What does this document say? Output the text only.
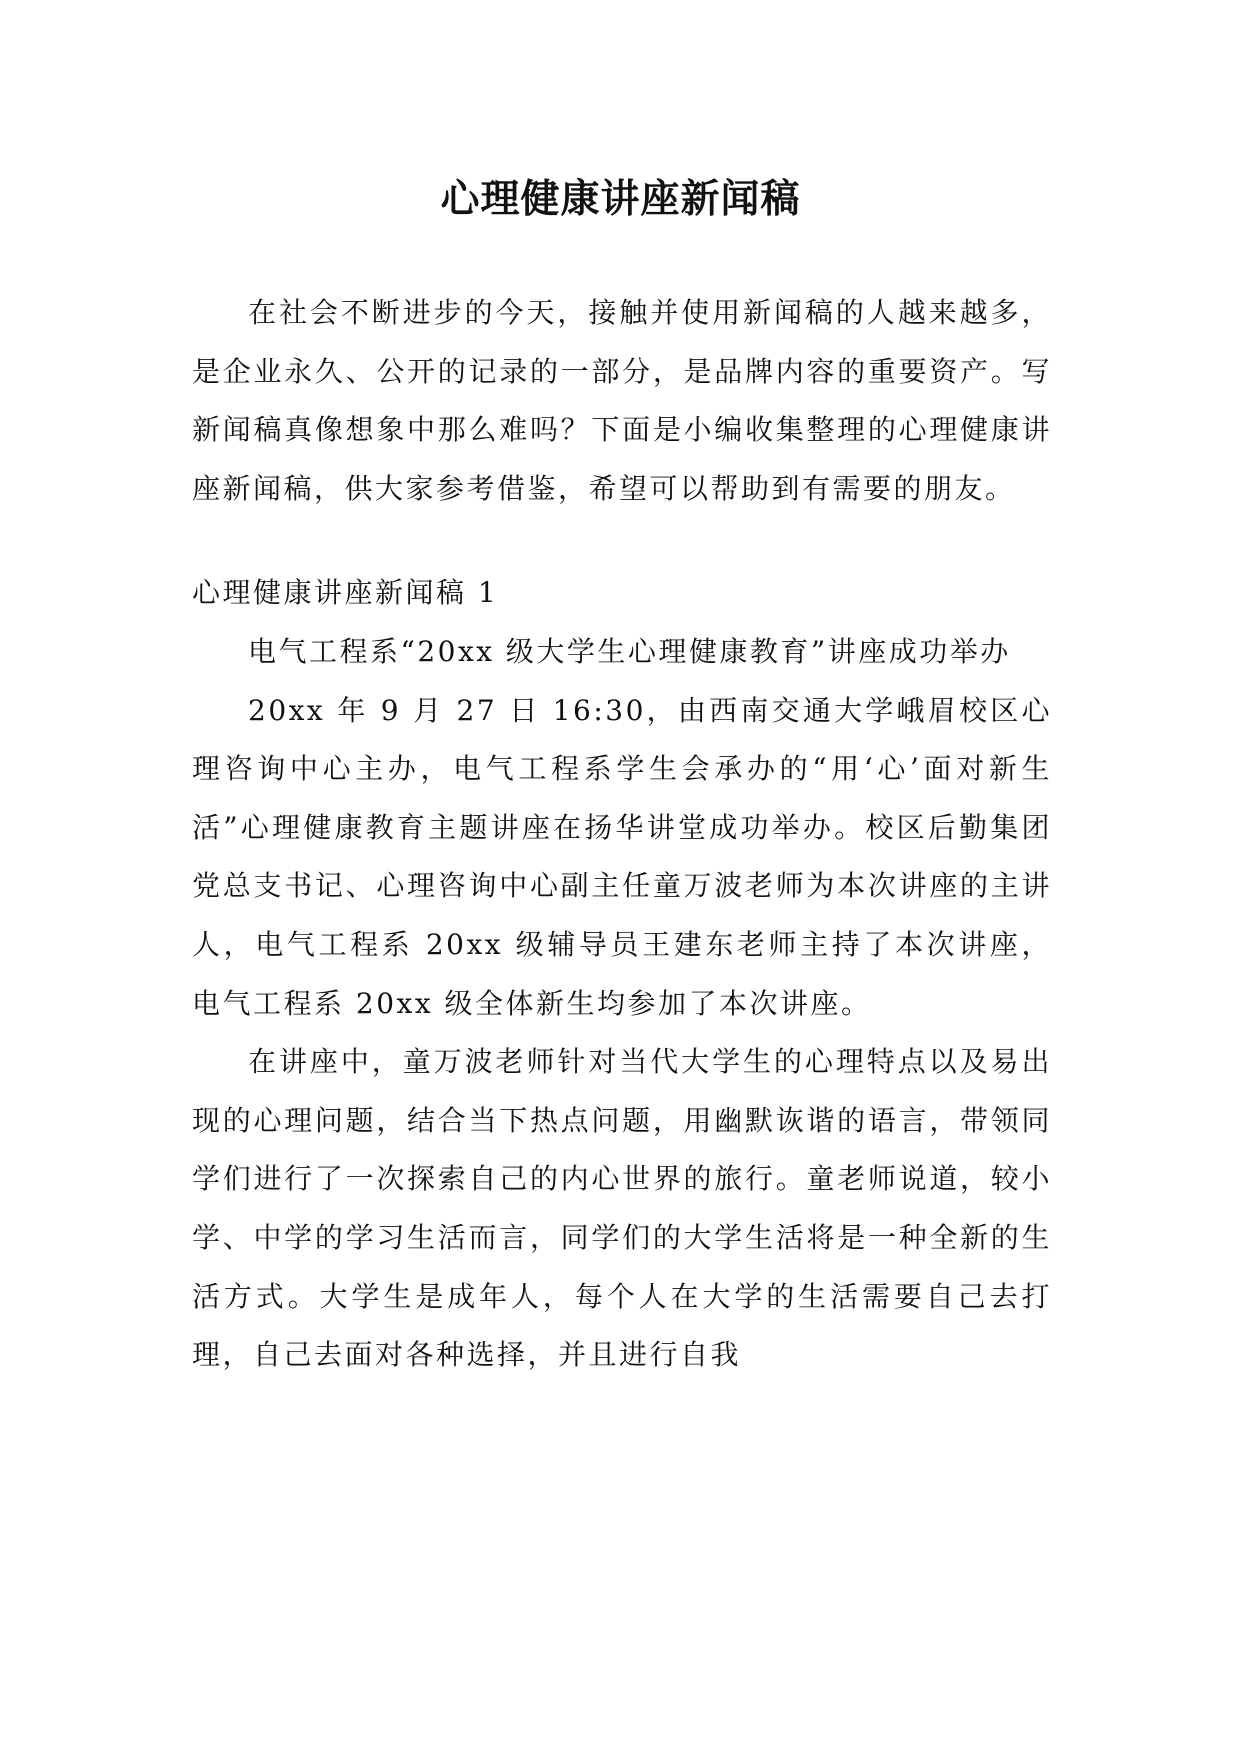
心理健康讲座新闻稿

在社会不断进步的今天，接触并使用新闻稿的人越来越多，是企业永久、公开的记录的一部分，是品牌内容的重要资产。写新闻稿真像想象中那么难吗？下面是小编收集整理的心理健康讲座新闻稿，供大家参考借鉴，希望可以帮助到有需要的朋友。

心理健康讲座新闻稿 1

电气工程系“20xx 级大学生心理健康教育”讲座成功举办

20xx 年 9 月 27 日 16:30，由西南交通大学峨眉校区心理咨询中心主办，电气工程系学生会承办的“用‘心’面对新生活”心理健康教育主题讲座在扬华讲堂成功举办。校区后勤集团党总支书记、心理咨询中心副主任童万波老师为本次讲座的主讲人，电气工程系 20xx 级辅导员王建东老师主持了本次讲座，电气工程系 20xx 级全体新生均参加了本次讲座。

在讲座中，童万波老师针对当代大学生的心理特点以及易出现的心理问题，结合当下热点问题，用幽默诙谐的语言，带领同学们进行了一次探索自己的内心世界的旅行。童老师说道，较小学、中学的学习生活而言，同学们的大学生活将是一种全新的生活方式。大学生是成年人，每个人在大学的生活需要自己去打理，自己去面对各种选择，并且进行自我
